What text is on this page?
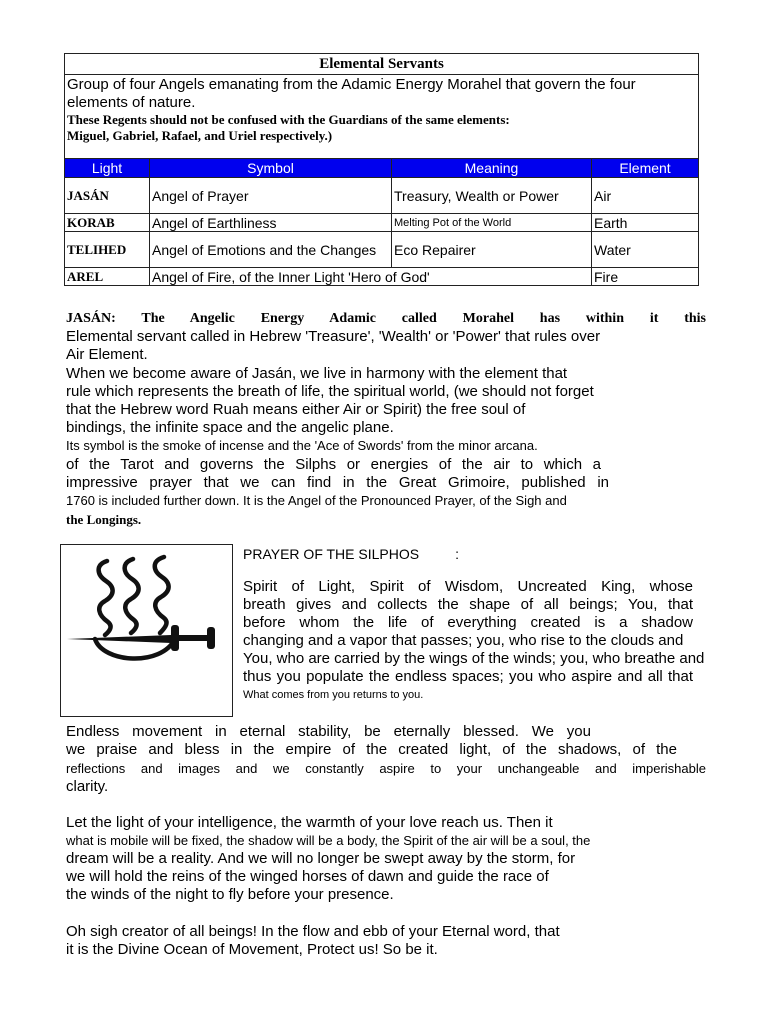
Elemental Servants			

Group of four Angels emanating from the Adamic Energy Morahel that govern the four elements of nature.
These Regents should not be confused with the Guardians of the same elements:
Miguel, Gabriel, Rafael, and Uriel respectively.)			

Light	Symbol	Meaning	Element
JASÁN	Angel of Prayer	Treasury, Wealth or Power	Air
KORAB	Angel of Earthliness	Melting Pot of the World	Earth
TELIHED	Angel of Emotions and the Changes	Eco Repairer	Water
AREL	Angel of Fire, of the Inner Light 'Hero of God'		Fire
JASÁN: The Angelic Energy Adamic called Morahel has within it this
Elemental servant called in Hebrew 'Treasure', 'Wealth' or 'Power' that rules over
Air Element.
When we become aware of Jasán, we live in harmony with the element that
rule which represents the breath of life, the spiritual world, (we should not forget
that the Hebrew word Ruah means either Air or Spirit) the free soul of
bindings, the infinite space and the angelic plane.
Its symbol is the smoke of incense and the 'Ace of Swords' from the minor arcana.
of the Tarot and governs the Silphs or energies of the air to which a
impressive prayer that we can find in the Great Grimoire, published in
1760 is included further down. It is the Angel of the Pronounced Prayer, of the Sigh and
the Longings.
PRAYER OF THE SILPHOS	:
Spirit of Light, Spirit of Wisdom, Uncreated King, whose
breath gives and collects the shape of all beings; You, that
before whom the life of everything created is a shadow
changing and a vapor that passes; you, who rise to the clouds and
You, who are carried by the wings of the winds; you, who breathe and
thus you populate the endless spaces; you who aspire and all that
What comes from you returns to you.
Endless movement in eternal stability, be eternally blessed. We you
we praise and bless in the empire of the created light, of the shadows, of the
reflections and images and we constantly aspire to your unchangeable and imperishable
clarity.
Let the light of your intelligence, the warmth of your love reach us. Then it
what is mobile will be fixed, the shadow will be a body, the Spirit of the air will be a soul, the
dream will be a reality. And we will no longer be swept away by the storm, for
we will hold the reins of the winged horses of dawn and guide the race of
the winds of the night to fly before your presence.
Oh sigh creator of all beings! In the flow and ebb of your Eternal word, that
it is the Divine Ocean of Movement, Protect us! So be it.
